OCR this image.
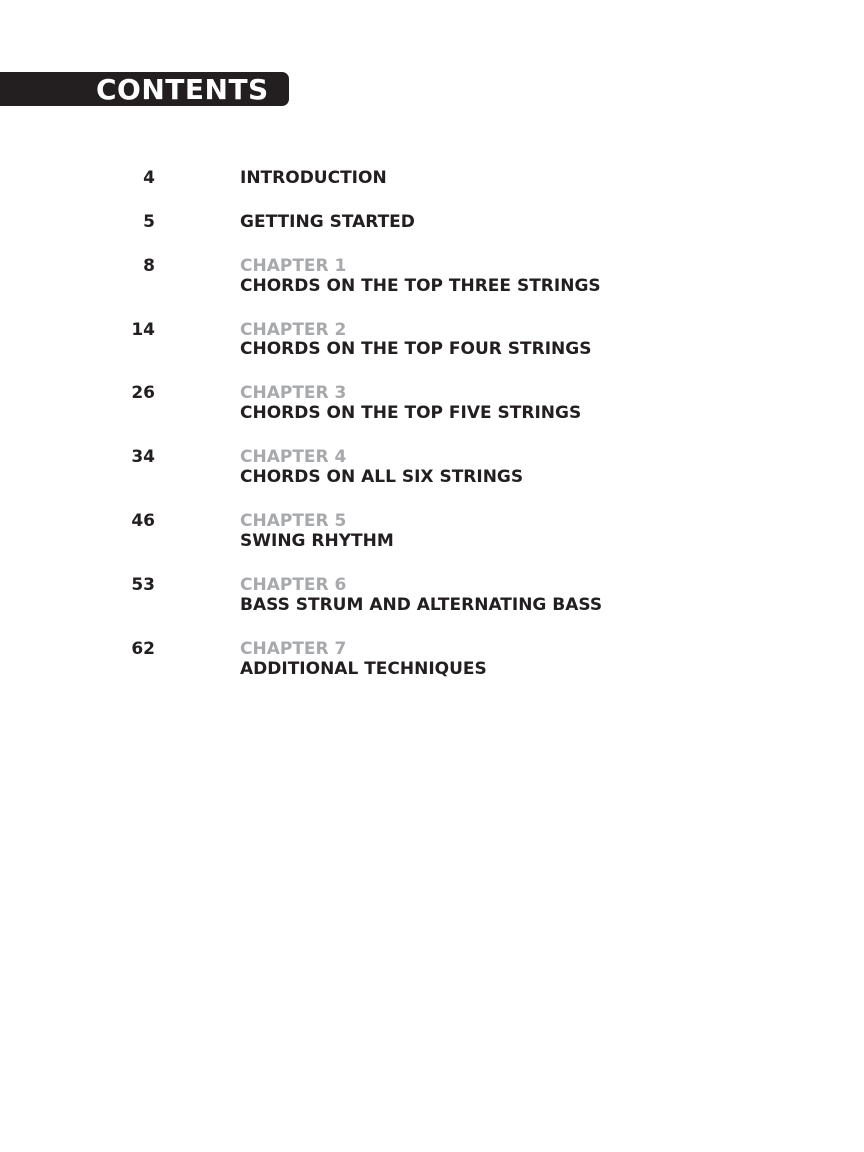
CONTENTS
4	INTRODUCTION
5	GETTING STARTED
8	CHAPTER 1
CHORDS ON THE TOP THREE STRINGS
14	CHAPTER 2
CHORDS ON THE TOP FOUR STRINGS
26	CHAPTER 3
CHORDS ON THE TOP FIVE STRINGS
34	CHAPTER 4
CHORDS ON ALL SIX STRINGS
46	CHAPTER 5
SWING RHYTHM
53	CHAPTER 6
BASS STRUM AND ALTERNATING BASS
62	CHAPTER 7
ADDITIONAL TECHNIQUES
